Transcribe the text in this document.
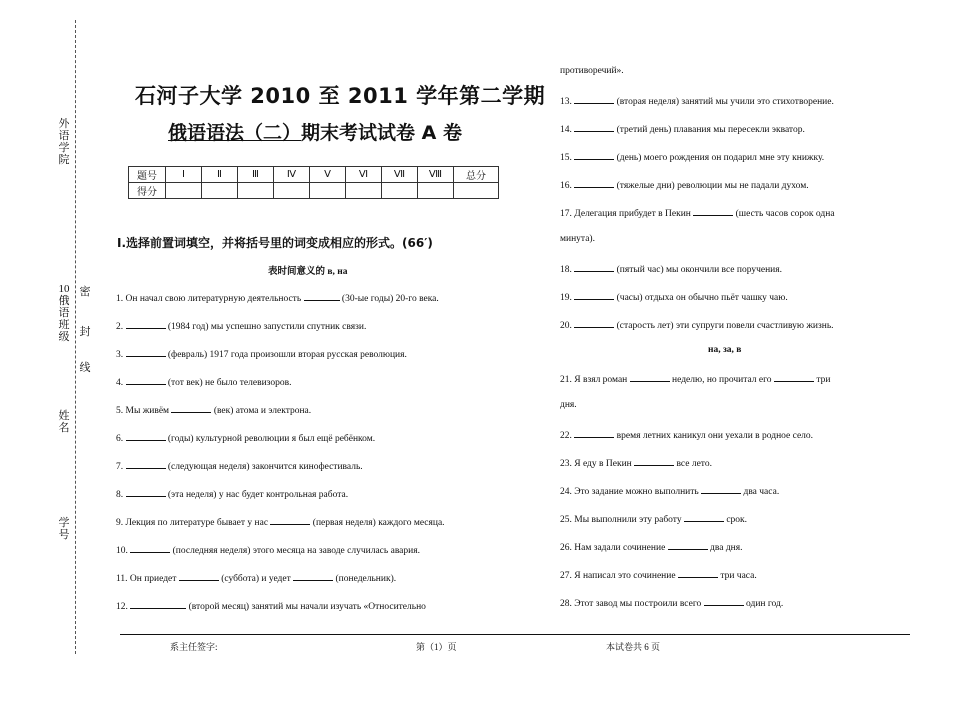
外语学院
10俄语班级
姓名
学号
密
封
线
石河子大学 2010 至 2011 学年第二学期
俄语语法（二）期末考试试卷 A 卷
题号	Ⅰ	Ⅱ	Ⅲ	Ⅳ	Ⅴ	Ⅵ	Ⅶ	Ⅷ	总分
得分									
Ⅰ.选择前置词填空，并将括号里的词变成相应的形式。(66′)
表时间意义的 в, на
1. Он начал свою литературную деятельность	(30-ые годы) 20-го века.
2.	(1984 год) мы успешно запустили спутник связи.
3.	(февраль) 1917 года произошли вторая русская революция.
4.	(тот век) не было телевизоров.
5. Мы живём	(век) атома и электрона.
6.	(годы) культурной революции я был ещё ребёнком.
7.	(следующая неделя) закончится кинофестиваль.
8.	(эта неделя) у нас будет контрольная работа.
9. Лекция по литературе бывает у нас	(первая неделя) каждого месяца.
10.	(последняя неделя) этого месяца на заводе случилась авария.
11. Он приедет	(суббота) и уедет	(понедельник).
12.	(второй месяц) занятий мы начали изучать «Относительно
противоречий».
13.	(вторая неделя) занятий мы учили это стихотворение.
14.	(третий день) плавания мы пересекли экватор.
15.	(день) моего рождения он подарил мне эту книжку.
16.	(тяжелые дни) революции мы не падали духом.
17. Делегация прибудет в Пекин	(шесть часов сорок одна
минута).
18.	(пятый час) мы окончили все поручения.
19.	(часы) отдыха он обычно пьёт чашку чаю.
20.	(старость лет) эти супруги повели счастливую жизнь.
на, за, в
21. Я взял роман	неделю, но прочитал его	три
дня.
22.	время летних каникул они уехали в родное село.
23. Я еду в Пекин	все лето.
24. Это задание можно выполнить	два часа.
25. Мы выполнили эту работу	срок.
26. Нам задали сочинение	два дня.
27. Я написал это сочинение	три часа.
28. Этот завод мы построили всего	один год.
系主任签字:	第（1）页	本试卷共 6 页
